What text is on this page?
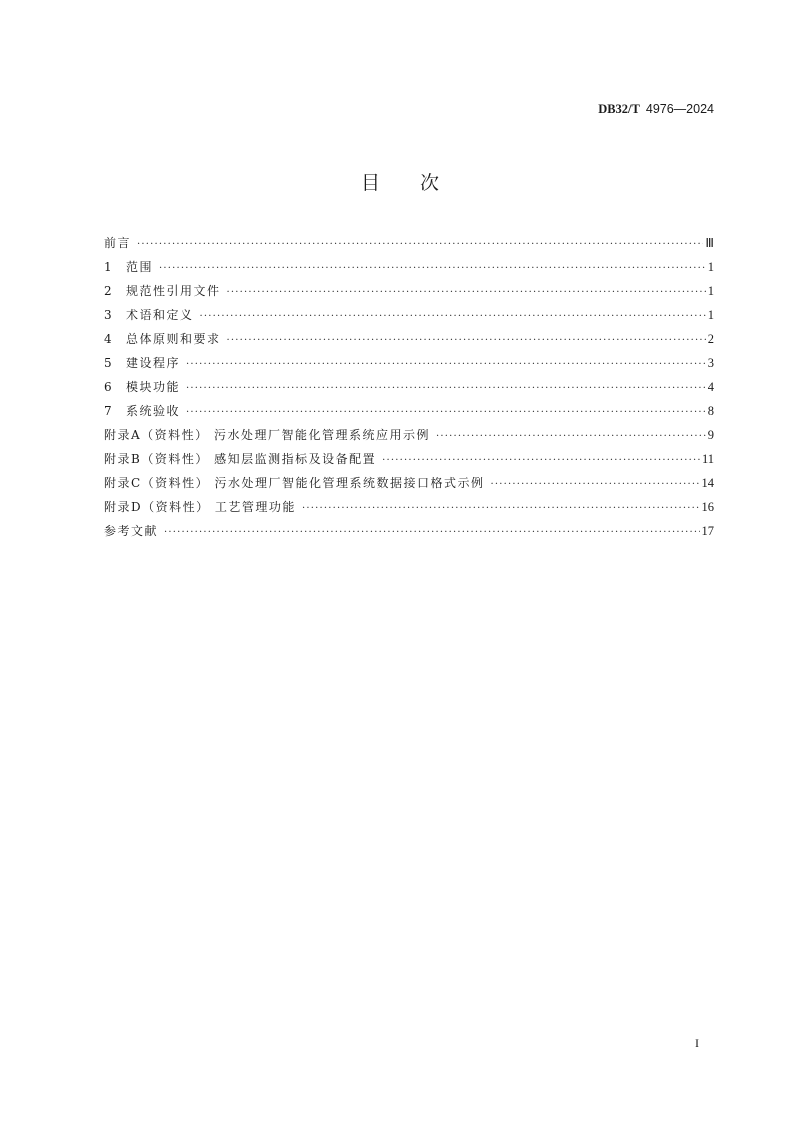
DB32/T 4976—2024
目 次
前言 ·····	Ⅲ
1	范围 ·····	1
2	规范性引用文件 ·····	1
3	术语和定义 ·····	1
4	总体原则和要求 ·····	2
5	建设程序 ·····	3
6	模块功能 ·····	4
7	系统验收 ·····	8
附录A（资料性） 污水处理厂智能化管理系统应用示例 ·····	9
附录B（资料性） 感知层监测指标及设备配置 ·····	11
附录C（资料性） 污水处理厂智能化管理系统数据接口格式示例 ·····	14
附录D（资料性） 工艺管理功能 ·····	16
参考文献 ·····	17
I
